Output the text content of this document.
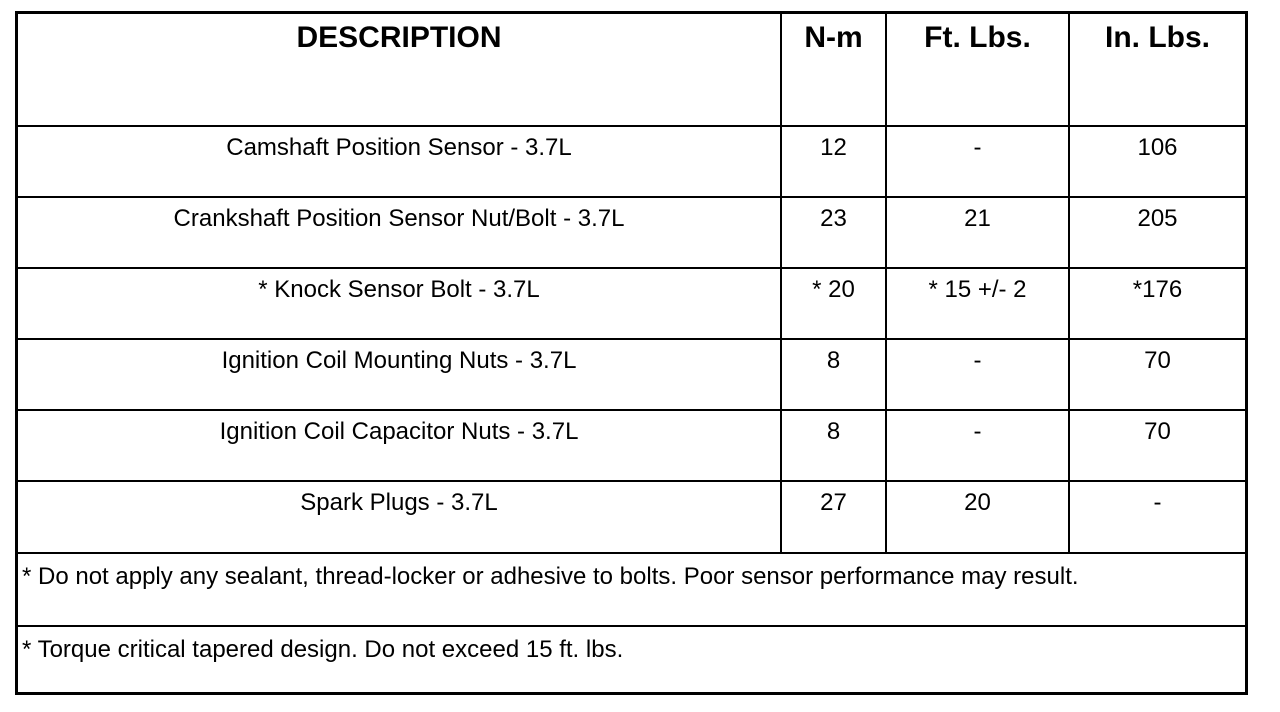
DESCRIPTION	N-m	Ft. Lbs.	In. Lbs.
Camshaft Position Sensor - 3.7L	12	-	106
Crankshaft Position Sensor Nut/Bolt - 3.7L	23	21	205
* Knock Sensor Bolt - 3.7L	* 20	* 15 +/- 2	*176
Ignition Coil Mounting Nuts - 3.7L	8	-	70
Ignition Coil Capacitor Nuts - 3.7L	8	-	70
Spark Plugs - 3.7L	27	20	-
* Do not apply any sealant, thread-locker or adhesive to bolts. Poor sensor performance may result.
* Torque critical tapered design. Do not exceed 15 ft. lbs.
